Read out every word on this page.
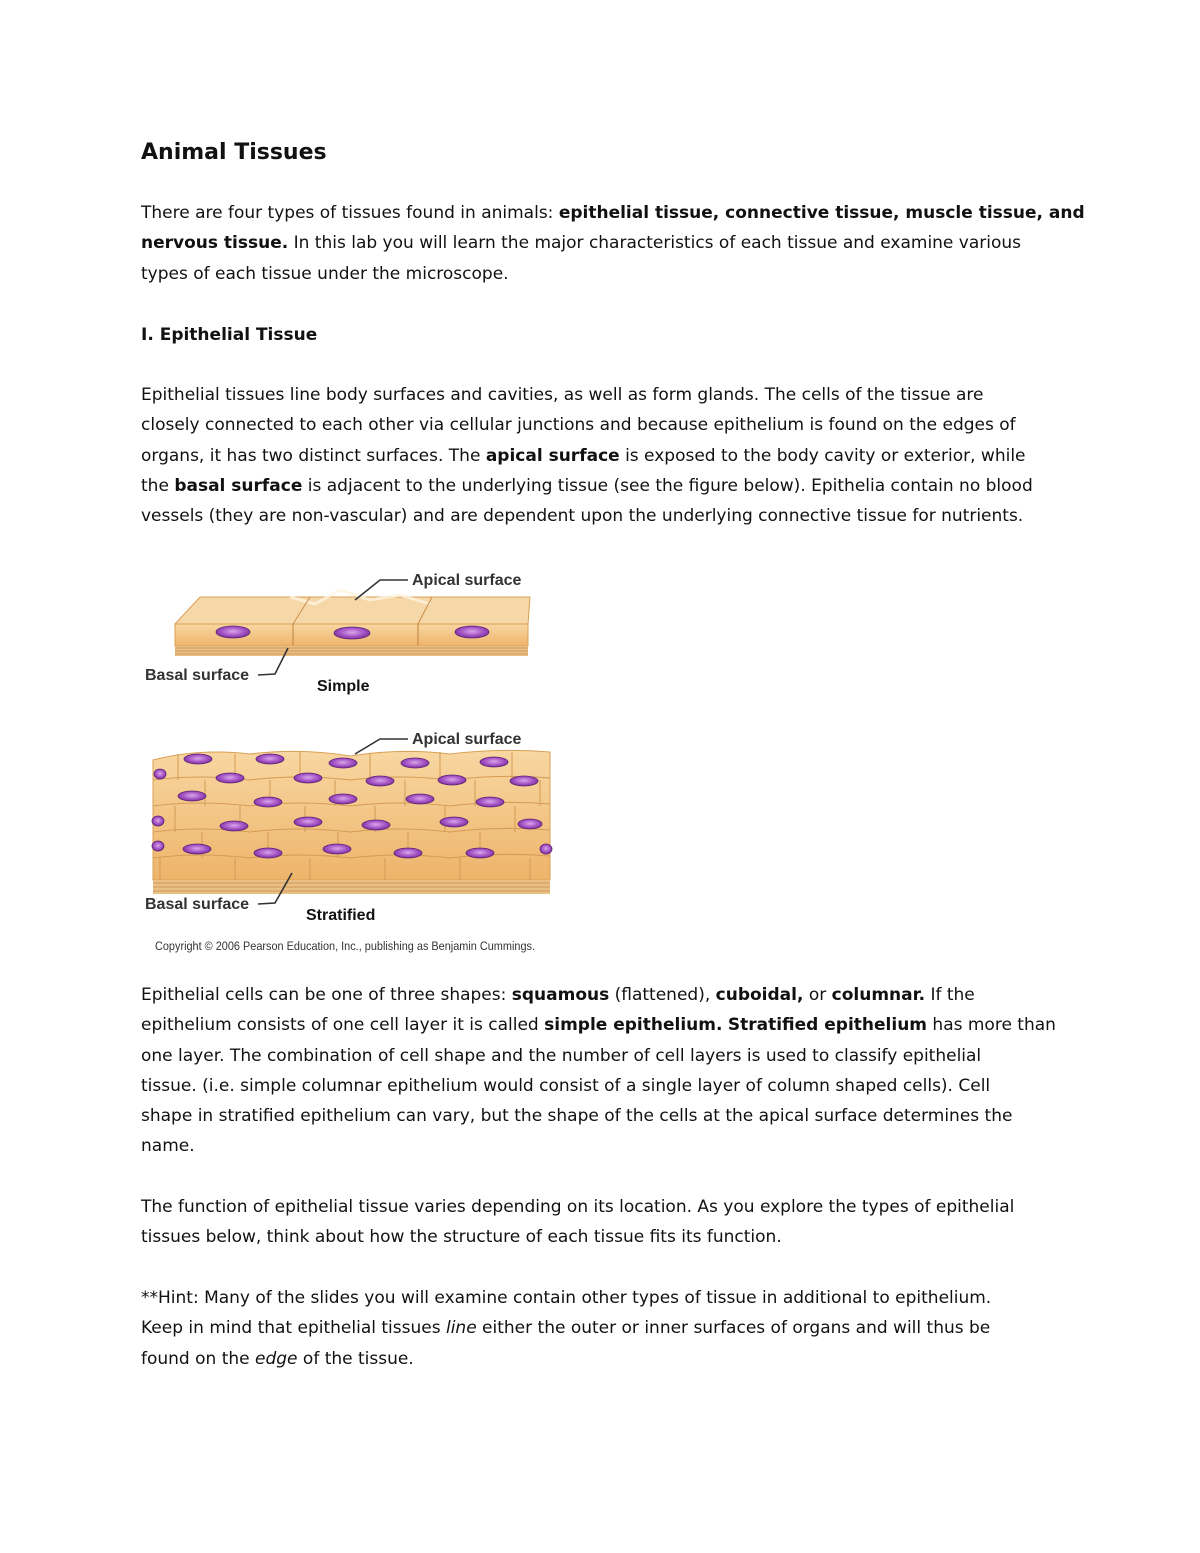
Animal Tissues

There are four types of tissues found in animals: epithelial tissue, connective tissue, muscle tissue, and
nervous tissue. In this lab you will learn the major characteristics of each tissue and examine various
types of each tissue under the microscope.

I. Epithelial Tissue

Epithelial tissues line body surfaces and cavities, as well as form glands. The cells of the tissue are
closely connected to each other via cellular junctions and because epithelium is found on the edges of
organs, it has two distinct surfaces. The apical surface is exposed to the body cavity or exterior, while
the basal surface is adjacent to the underlying tissue (see the figure below). Epithelia contain no blood
vessels (they are non-vascular) and are dependent upon the underlying connective tissue for nutrients.

Apical surface
Basal surface
Simple
Apical surface
Basal surface
Stratified
Copyright © 2006 Pearson Education, Inc., publishing as Benjamin Cummings.

Epithelial cells can be one of three shapes: squamous (flattened), cuboidal, or columnar. If the
epithelium consists of one cell layer it is called simple epithelium. Stratified epithelium has more than
one layer. The combination of cell shape and the number of cell layers is used to classify epithelial
tissue. (i.e. simple columnar epithelium would consist of a single layer of column shaped cells). Cell
shape in stratified epithelium can vary, but the shape of the cells at the apical surface determines the
name.

The function of epithelial tissue varies depending on its location. As you explore the types of epithelial
tissues below, think about how the structure of each tissue fits its function.

**Hint: Many of the slides you will examine contain other types of tissue in additional to epithelium.
Keep in mind that epithelial tissues line either the outer or inner surfaces of organs and will thus be
found on the edge of the tissue.
